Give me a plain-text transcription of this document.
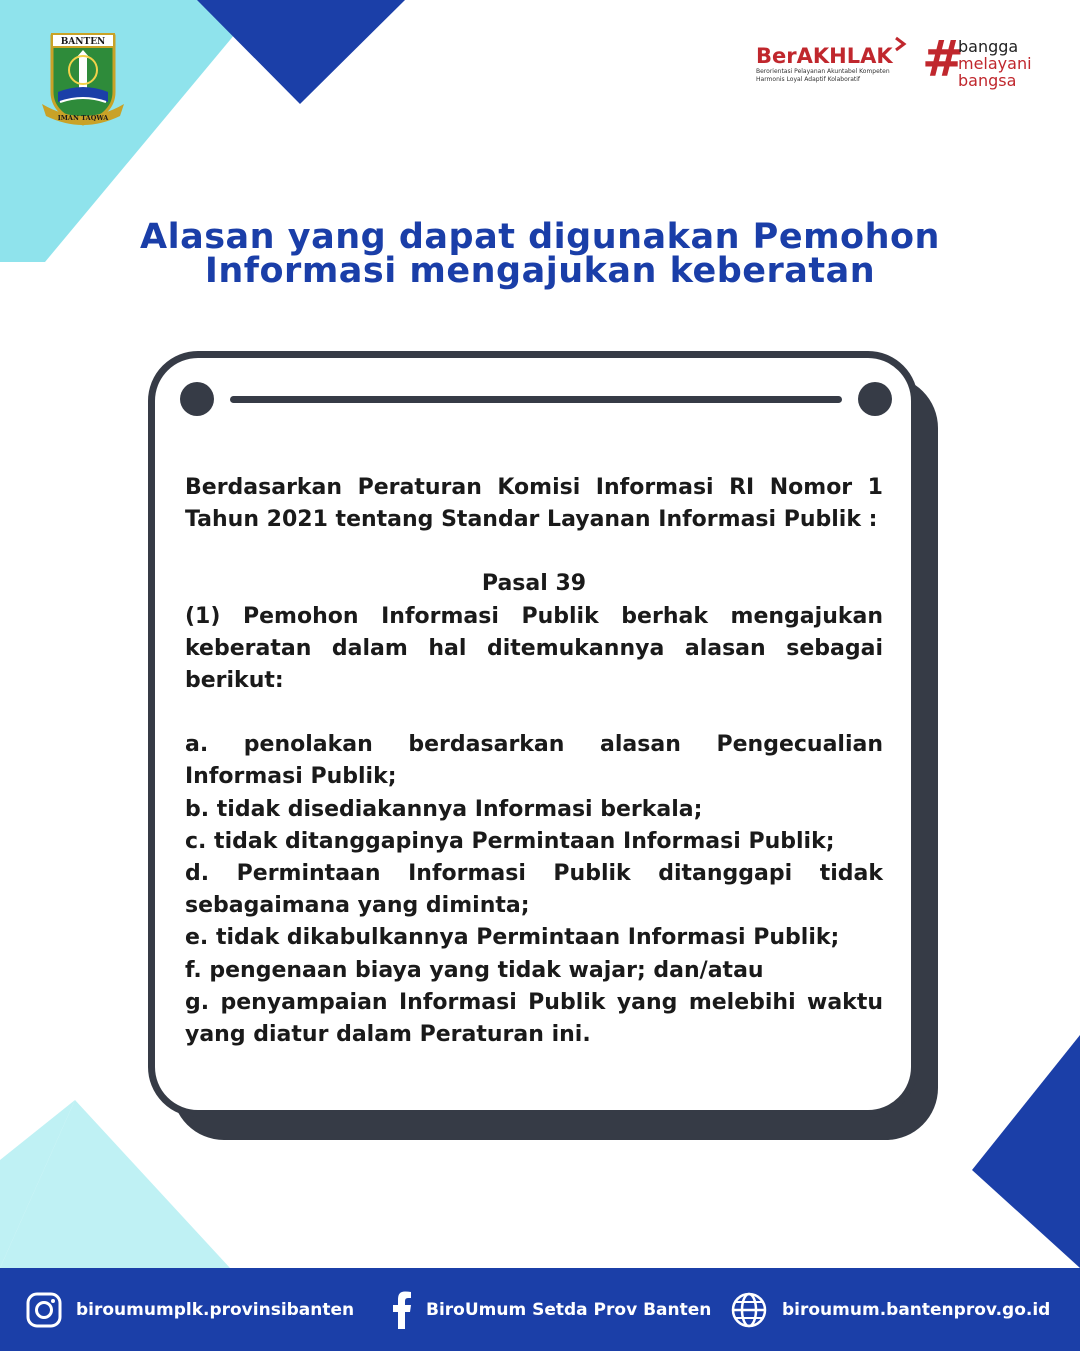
BANTEN
IMAN TAQWA
BerAKHLAK
Berorientasi Pelayanan Akuntabel Kompeten
Harmonis Loyal Adaptif Kolaboratif	#
bangga
melayani
bangsa
Alasan yang dapat digunakan Pemohon
Informasi mengajukan keberatan

Berdasarkan Peraturan Komisi Informasi RI Nomor 1 Tahun 2021 tentang Standar Layanan Informasi Publik :

Pasal 39

(1) Pemohon Informasi Publik berhak mengajukan keberatan dalam hal ditemukannya alasan sebagai berikut:

a. penolakan berdasarkan alasan Pengecualian Informasi Publik;

b. tidak disediakannya Informasi berkala;

c. tidak ditanggapinya Permintaan Informasi Publik;

d. Permintaan Informasi Publik ditanggapi tidak sebagaimana yang diminta;

e. tidak dikabulkannya Permintaan Informasi Publik;

f. pengenaan biaya yang tidak wajar; dan/atau

g. penyampaian Informasi Publik yang melebihi waktu yang diatur dalam Peraturan ini.

biroumumplk.provinsibanten	BiroUmum Setda Prov Banten	biroumum.bantenprov.go.id
